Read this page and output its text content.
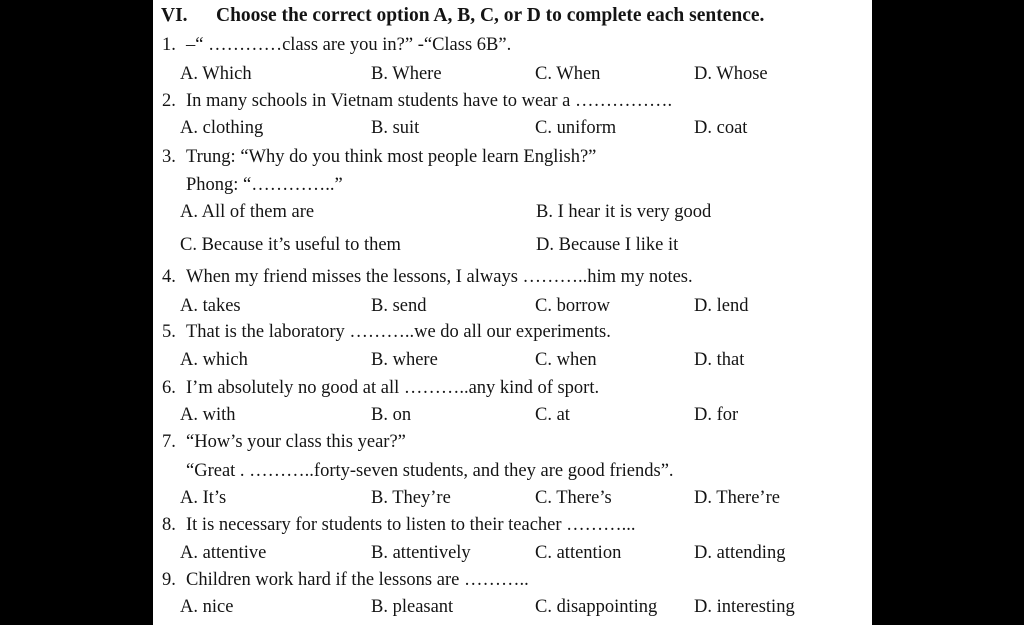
VI. Choose the correct option A, B, C, or D to complete each sentence.
1. –“ …………class are you in?” -“Class 6B”.
A. Which	B. Where	C. When	D. Whose
2. In many schools in Vietnam students have to wear a …………….
A. clothing	B. suit	C. uniform	D. coat
3. Trung: “Why do you think most people learn English?”
Phong: “…………..”
A. All of them are	B. I hear it is very good
C. Because it’s useful to them	D. Because I like it
4. When my friend misses the lessons, I always ………..him my notes.
A. takes	B. send	C. borrow	D. lend
5. That is the laboratory ………..we do all our experiments.
A. which	B. where	C. when	D. that
6. I’m absolutely no good at all ………..any kind of sport.
A. with	B. on	C. at	D. for
7. “How’s your class this year?”
“Great . ………..forty-seven students, and they are good friends”.
A. It’s	B. They’re	C. There’s	D. There’re
8. It is necessary for students to listen to their teacher ………...
A. attentive	B. attentively	C. attention	D. attending
9. Children work hard if the lessons are ………..
A. nice	B. pleasant	C. disappointing D. interesting
